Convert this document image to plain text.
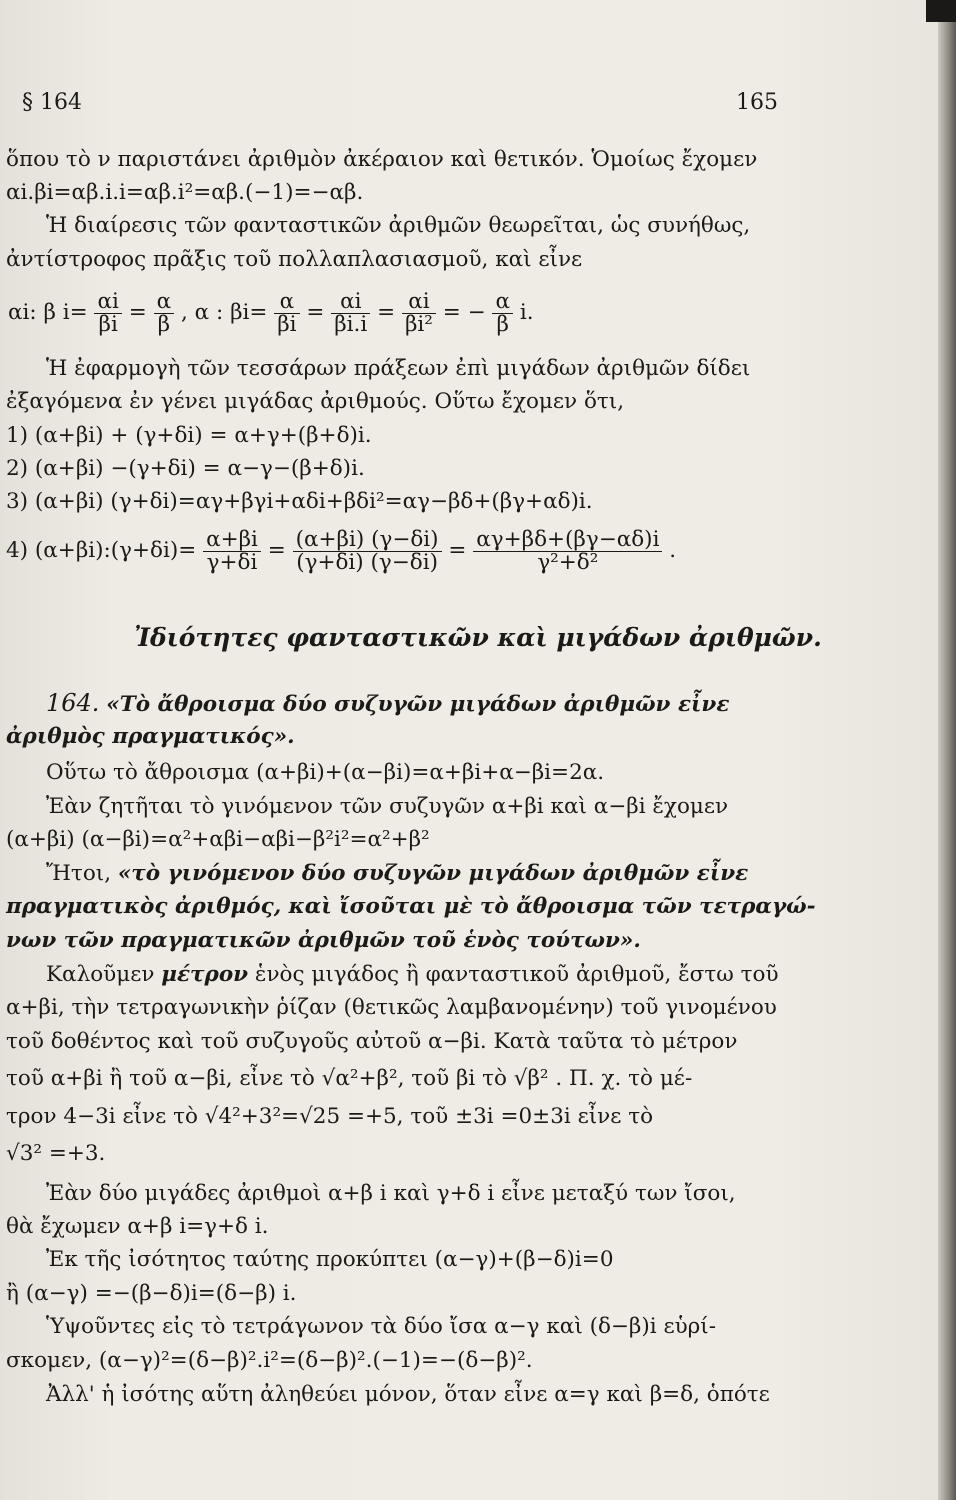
§ 164	165
ὅπου τὸ ν παριστάνει ἀριθμὸν ἀκέραιον καὶ θετικόν. Ὁμοίως ἔχομεν
αi.βi=αβ.i.i=αβ.i²=αβ.(−1)=−αβ.
Ἡ διαίρεσις τῶν φανταστικῶν ἀριθμῶν θεωρεῖται, ὡς συνήθως,
ἀντίστροφος πρᾶξις τοῦ πολλαπλασιασμοῦ, καὶ εἶνε
αi: β $i= \frac{\alpha i}{\beta i} = \frac{\alpha}{\beta}$ , α : $\beta i= \frac{\alpha}{\beta i} = \frac{\alpha i}{\beta i.i} = \frac{\alpha i}{\text{βi²}}$ = − $\frac{\alpha}{\beta} i$.
Ἡ ἐφαρμογὴ τῶν τεσσάρων πράξεων ἐπὶ μιγάδων ἀριθμῶν δίδει
ἐξαγόμενα ἐν γένει μιγάδας ἀριθμούς. Οὕτω ἔχομεν ὅτι,
1) (α+βi) + (γ+δi) = α+γ+(β+δ)i.
2) (α+βi) −(γ+δi) = α−γ−(β+δ)i.
3) (α+βi) (γ+δi)=αγ+βγi+αδi+βδi²=αγ−βδ+(βγ+αδ)i.
4) (α+βi):(γ+δi)= $\frac{\alpha+\beta i}{\gamma+\delta i} = \frac{(\alpha+\beta i) (\gamma-\delta i)}{(\gamma+\delta i) (\gamma-\delta i)} = \frac{\alpha\gamma+\beta\delta+(\beta\gamma-\alpha\delta)i}{\text{γ²+δ²}}$ .
Ἰδιότητες φανταστικῶν καὶ μιγάδων ἀριθμῶν.
164. «Τὸ ἄθροισμα δύο συζυγῶν μιγάδων ἀριθμῶν εἶνε
ἀριθμὸς πραγματικός».
Οὕτω τὸ ἄθροισμα (α+βi)+(α−βi)=α+βi+α−βi=2α.
Ἐὰν ζητῆται τὸ γινόμενον τῶν συζυγῶν α+βi καὶ α−βi ἔχομεν
(α+βi) (α−βi)=α²+αβi−αβi−β²i²=α²+β²
Ἤτοι, «τὸ γινόμενον δύο συζυγῶν μιγάδων ἀριθμῶν εἶνε
πραγματικὸς ἀριθμός, καὶ ἴσοῦται μὲ τὸ ἄθροισμα τῶν τετραγώ-
νων τῶν πραγματικῶν ἀριθμῶν τοῦ ἑνὸς τούτων».
Καλοῦμεν μέτρον ἑνὸς μιγάδος ἢ φανταστικοῦ ἀριθμοῦ, ἔστω τοῦ
α+βi, τὴν τετραγωνικὴν ῥίζαν (θετικῶς λαμβανομένην) τοῦ γινομένου
τοῦ δοθέντος καὶ τοῦ συζυγοῦς αὐτοῦ α−βi. Κατὰ ταῦτα τὸ μέτρον
τοῦ α+βi ἢ τοῦ α−βi, εἶνε τὸ √α²+β², τοῦ βi τὸ √β² . Π. χ. τὸ μέ-
τρον 4−3i εἶνε τὸ √4²+3²=√25 =+5, τοῦ ±3i =0±3i εἶνε τὸ
√3² =+3.
Ἐὰν δύο μιγάδες ἀριθμοὶ α+β i καὶ γ+δ i εἶνε μεταξύ των ἴσοι,
θὰ ἔχωμεν α+β i=γ+δ i.
Ἐκ τῆς ἰσότητος ταύτης προκύπτει (α−γ)+(β−δ)i=0
ἢ (α−γ) =−(β−δ)i=(δ−β) i.
Ὑψοῦντες εἰς τὸ τετράγωνον τὰ δύο ἴσα α−γ καὶ (δ−β)i εὑρί-
σκομεν, (α−γ)²=(δ−β)².i²=(δ−β)².(−1)=−(δ−β)².
Ἀλλ' ἡ ἰσότης αὕτη ἀληθεύει μόνον, ὅταν εἶνε α=γ καὶ β=δ, ὁπότε
